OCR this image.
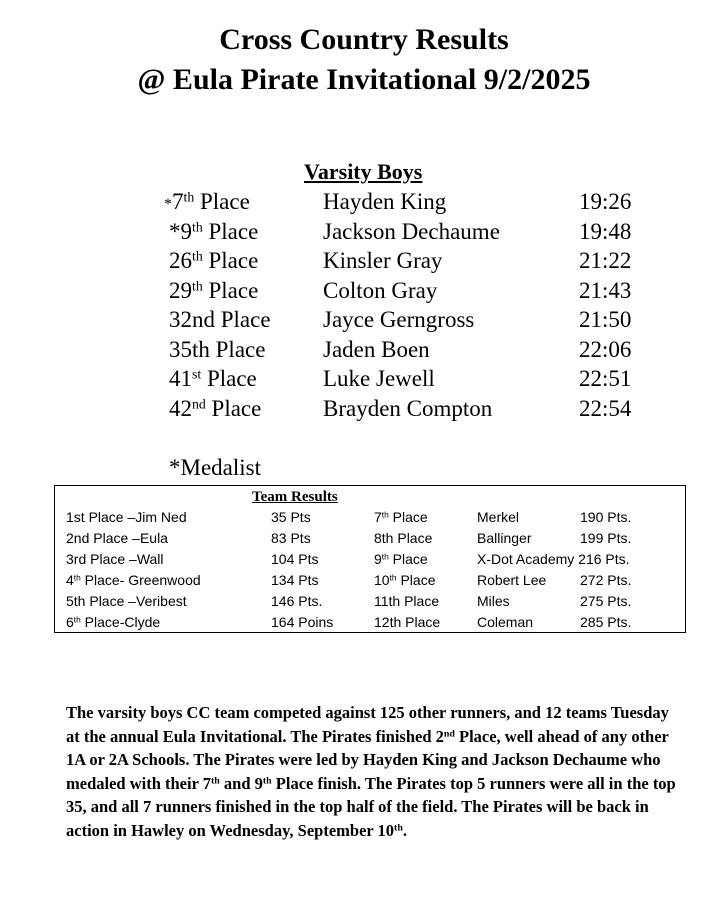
Cross Country Results
@ Eula Pirate Invitational 9/2/2025
Varsity Boys
*7th Place	Hayden King	19:26
*9th Place	Jackson Dechaume	19:48
26th Place	Kinsler Gray	21:22
29th Place	Colton Gray	21:43
32nd Place Jayce Gerngross	21:50
35th Place	Jaden Boen	22:06
41st Place	Luke Jewell	22:51
42nd Place	Brayden Compton	22:54
*Medalist
Team Results
1st Place –Jim Ned	35 Pts	7th Place	Merkel	190 Pts.
2nd Place –Eula	83 Pts	8th Place	Ballinger	199 Pts.
3rd Place –Wall	104 Pts	9th Place	X-Dot Academy 216 Pts.
4th Place- Greenwood	134 Pts	10th Place	Robert Lee 272 Pts.
5th Place –Veribest	146 Pts.	11th Place	Miles	275 Pts.
6th Place-Clyde	164 Poins	12th Place	Coleman	285 Pts.
The varsity boys CC team competed against 125 other runners, and 12 teams Tuesday at the annual Eula Invitational. The Pirates finished 2nd Place, well ahead of any other 1A or 2A Schools. The Pirates were led by Hayden King and Jackson Dechaume who medaled with their 7th and 9th Place finish. The Pirates top 5 runners were all in the top 35, and all 7 runners finished in the top half of the field. The Pirates will be back in action in Hawley on Wednesday, September 10th.
